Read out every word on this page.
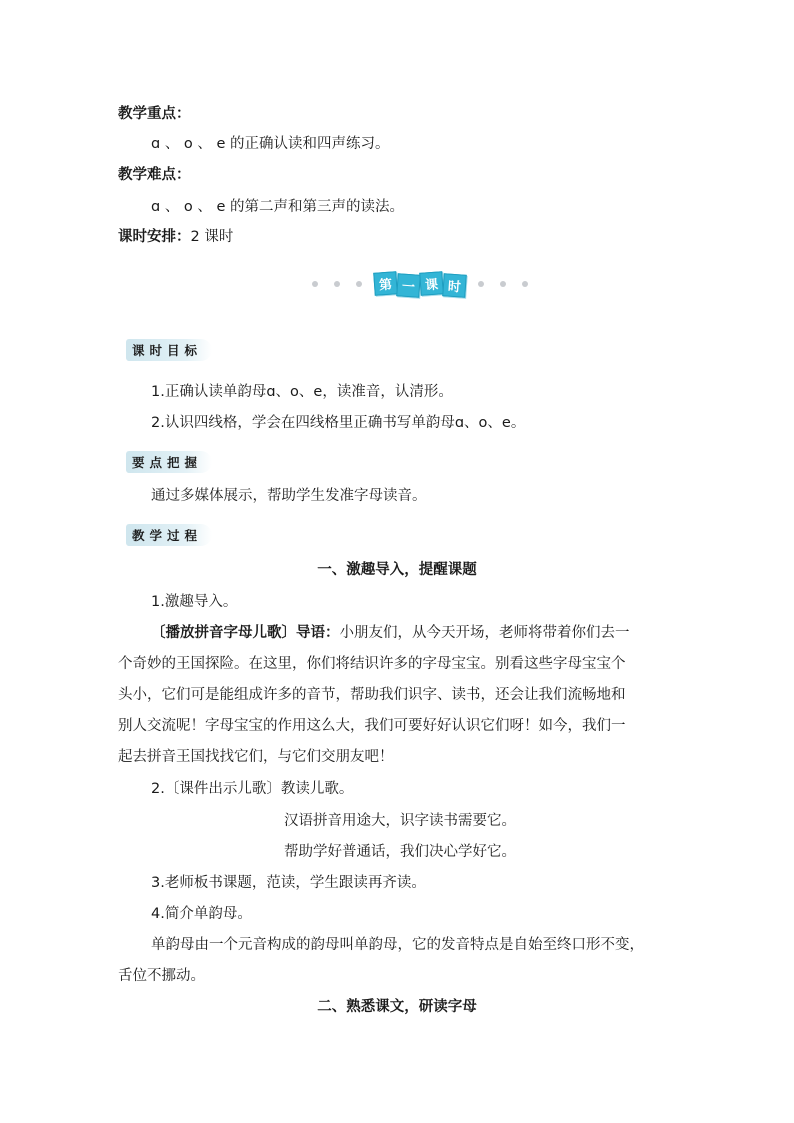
教学重点：
ɑ 、 o 、 e 的正确认读和四声练习。
教学难点：
ɑ 、 o 、 e 的第二声和第三声的读法。
课时安排：2 课时
第 一 课 时
课时目标
1.正确认读单韵母ɑ、o、e，读准音，认清形。
2.认识四线格，学会在四线格里正确书写单韵母ɑ、o、e。
要点把握
通过多媒体展示，帮助学生发准字母读音。
教学过程
一、激趣导入，提醒课题
1.激趣导入。
〔播放拼音字母儿歌〕导语：小朋友们，从今天开场，老师将带着你们去一
个奇妙的王国探险。在这里，你们将结识许多的字母宝宝。别看这些字母宝宝个
头小，它们可是能组成许多的音节，帮助我们识字、读书，还会让我们流畅地和
别人交流呢！字母宝宝的作用这么大，我们可要好好认识它们呀！如今，我们一
起去拼音王国找找它们，与它们交朋友吧！
2.〔课件出示儿歌〕教读儿歌。
汉语拼音用途大，识字读书需要它。
帮助学好普通话，我们决心学好它。
3.老师板书课题，范读，学生跟读再齐读。
4.简介单韵母。
单韵母由一个元音构成的韵母叫单韵母，它的发音特点是自始至终口形不变，
舌位不挪动。
二、熟悉课文，研读字母
